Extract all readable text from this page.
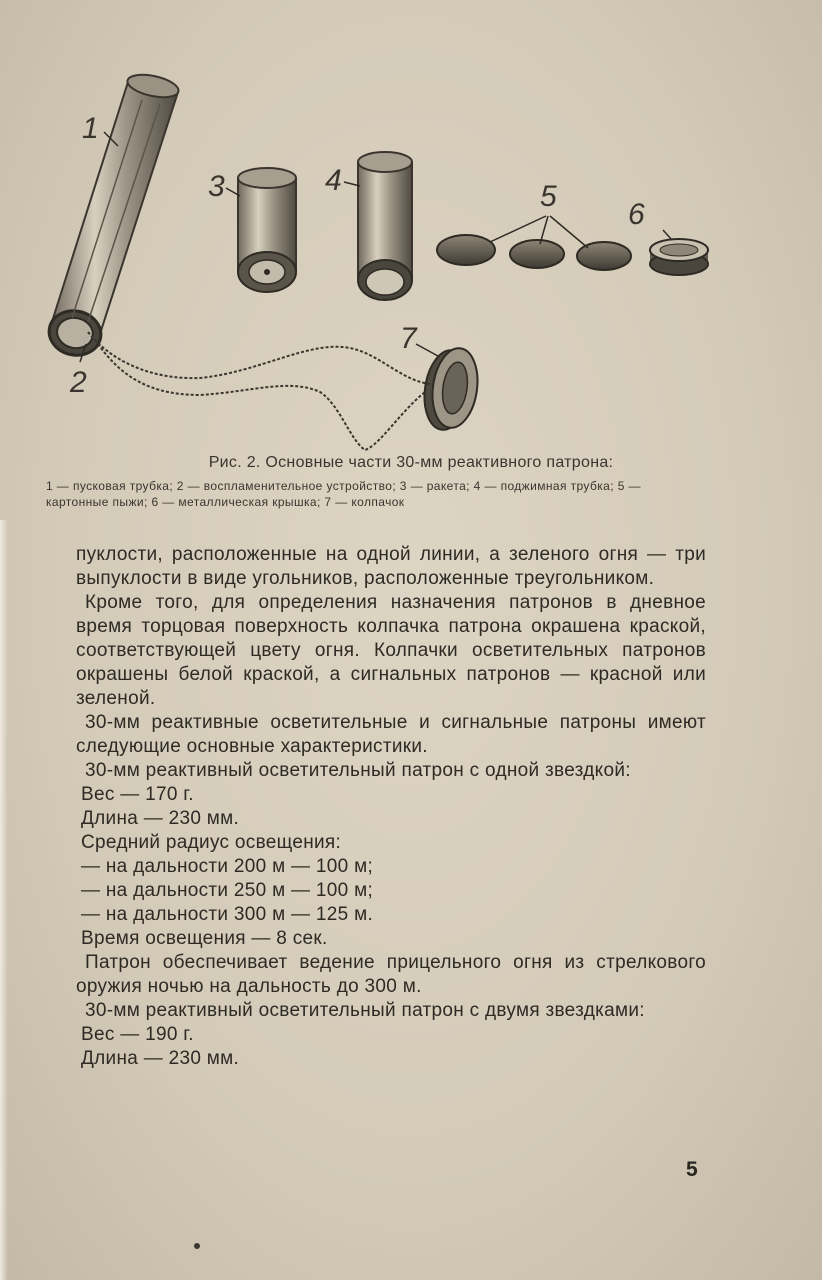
1
2
3	4	5
6
7
Рис. 2. Основные части 30-мм реактивного патрона:
1 — пусковая трубка; 2 — воспламенительное устройство; 3 — ракета; 4 — поджимная трубка; 5 — картонные пыжи; 6 — металлическая крышка; 7 — колпачок

пуклости, расположенные на одной линии, а зеленого огня — три выпуклости в виде угольников, расположенные треугольником.

Кроме того, для определения назначения патронов в дневное время торцовая поверхность колпачка патрона окрашена краской, соответствующей цвету огня. Колпачки осветительных патронов окрашены белой краской, а сигнальных патронов — красной или зеленой.

30-мм реактивные осветительные и сигнальные патроны имеют следующие основные характеристики.

30-мм реактивный осветительный патрон с одной звездкой:

Вес — 170 г.

Длина — 230 мм.

Средний радиус освещения:

— на дальности 200 м — 100 м;

— на дальности 250 м — 100 м;

— на дальности 300 м — 125 м.

Время освещения — 8 сек.

Патрон обеспечивает ведение прицельного огня из стрелкового оружия ночью на дальность до 300 м.

30-мм реактивный осветительный патрон с двумя звездками:

Вес — 190 г.

Длина — 230 мм.

5
